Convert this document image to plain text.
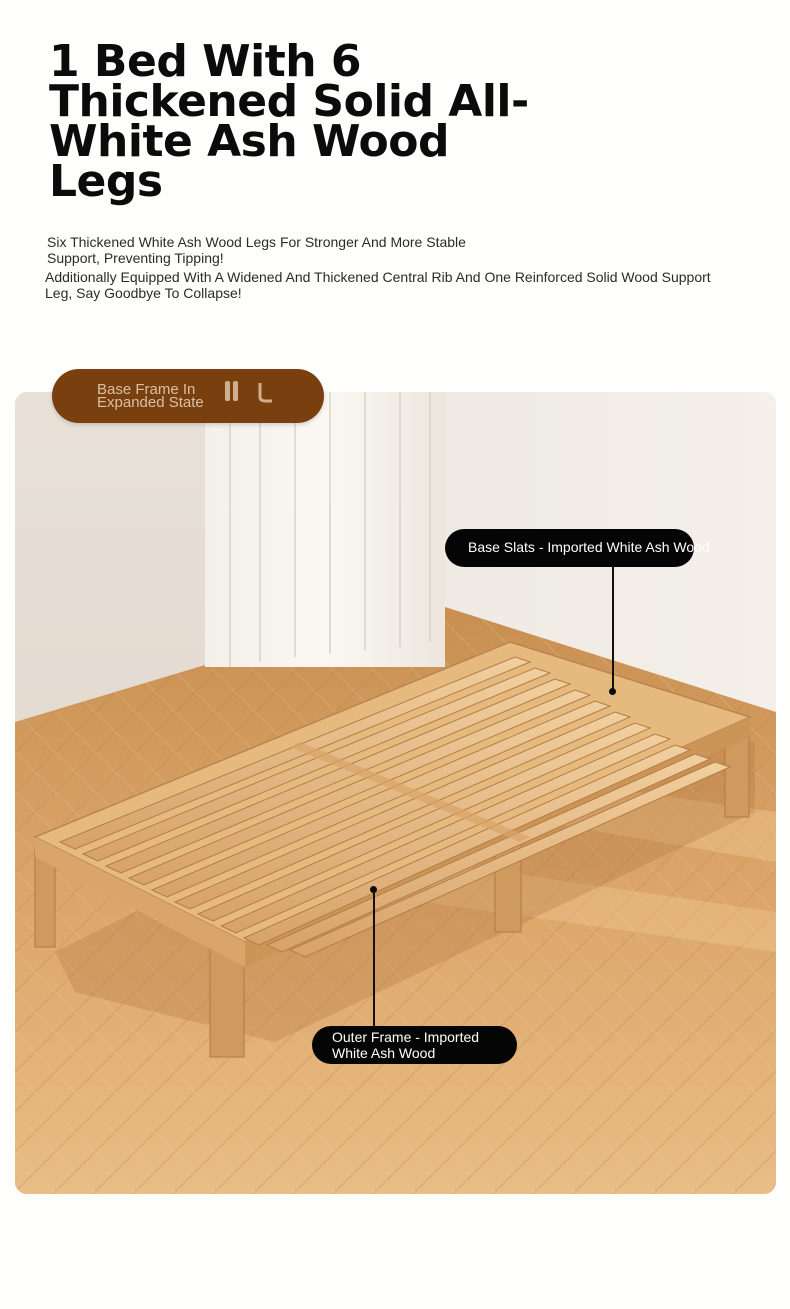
1 Bed With 6 Thickened Solid All-White Ash Wood Legs

Six Thickened White Ash Wood Legs For Stronger And More Stable Support, Preventing Tipping!

Additionally Equipped With A Widened And Thickened Central Rib And One Reinforced Solid Wood Support Leg, Say Goodbye To Collapse!

Base Frame In Expanded State
Base Slats - Imported White Ash Wood
Outer Frame - Imported White Ash Wood
